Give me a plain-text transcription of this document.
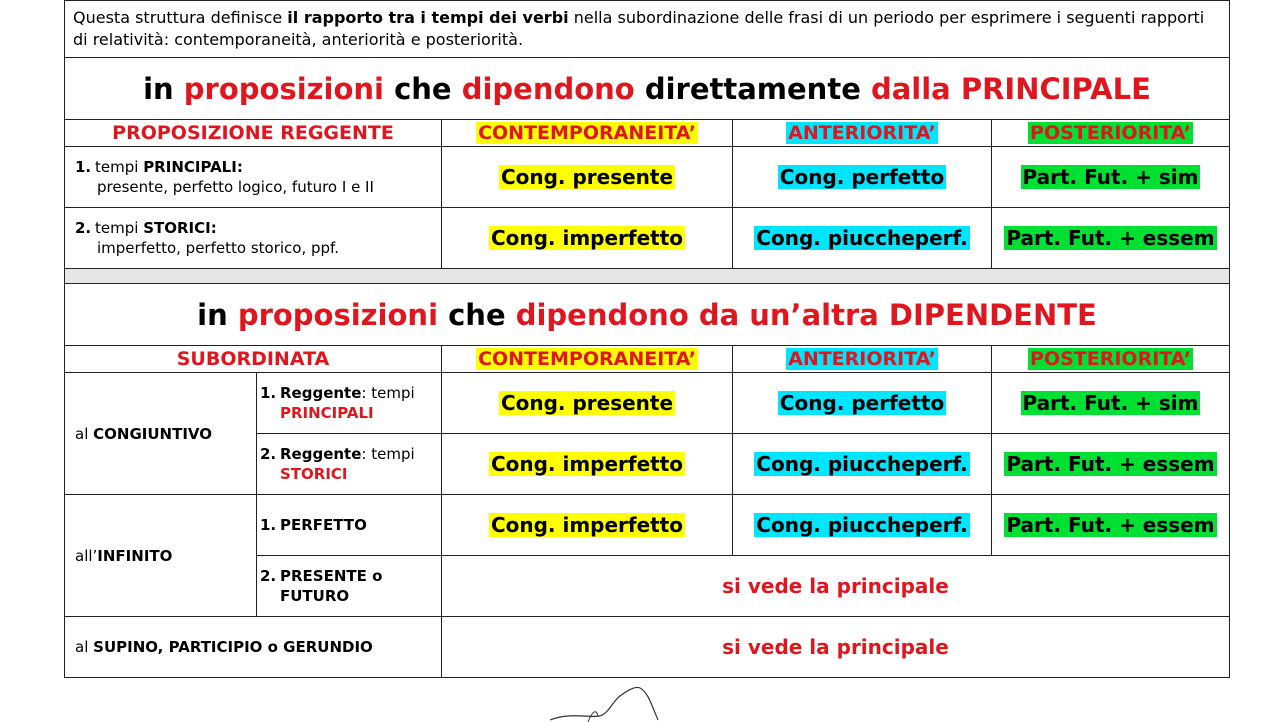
Questa struttura definisce il rapporto tra i tempi dei verbi nella subordinazione delle frasi di un periodo per esprimere i seguenti rapporti di relatività: contemporaneità, anteriorità e posteriorità.				
in proposizioni che dipendono direttamente dalla PRINCIPALE				
PROPOSIZIONE REGGENTE		CONTEMPORANEITA’	ANTERIORITA’	POSTERIORITA’

1. tempi PRINCIPALI:
presente, perfetto logico, futuro I e II		Cong. presente	Cong. perfetto	Part. Fut. + sim

2. tempi STORICI:
imperfetto, perfetto storico, ppf.		Cong. imperfetto	Cong. piuccheperf.	Part. Fut. + essem

in proposizioni che dipendono da un’altra DIPENDENTE				
SUBORDINATA		CONTEMPORANEITA’	ANTERIORITA’	POSTERIORITA’
al CONGIUNTIVO	1. Reggente: tempi
PRINCIPALI	Cong. presente	Cong. perfetto	Part. Fut. + sim

	2. Reggente: tempi
STORICI	Cong. imperfetto	Cong. piuccheperf.	Part. Fut. + essem
all’INFINITO	1. PERFETTO	Cong. imperfetto	Cong. piuccheperf.	Part. Fut. + essem

	2. PRESENTE o
FUTURO	si vede la principale		
al SUPINO, PARTICIPIO o GERUNDIO		si vede la principale		
